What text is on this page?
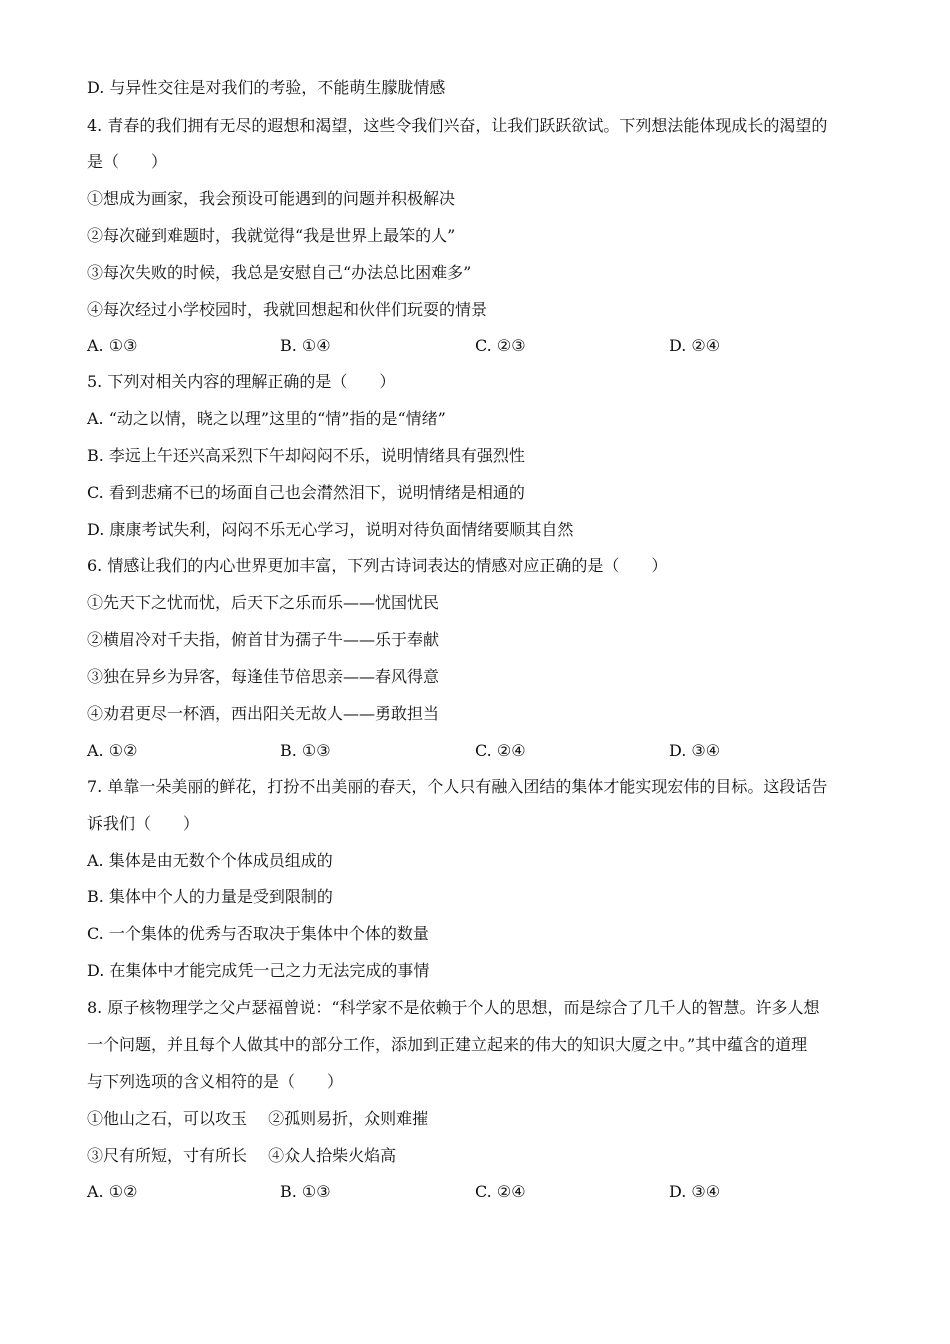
D. 与异性交往是对我们的考验，不能萌生朦胧情感
4. 青春的我们拥有无尽的遐想和渴望，这些令我们兴奋，让我们跃跃欲试。下列想法能体现成长的渴望的
是（　　）
①想成为画家，我会预设可能遇到的问题并积极解决
②每次碰到难题时，我就觉得“我是世界上最笨的人”
③每次失败的时候，我总是安慰自己“办法总比困难多”
④每次经过小学校园时，我就回想起和伙伴们玩耍的情景
A. ①③	B. ①④	C. ②③	D. ②④
5. 下列对相关内容的理解正确的是（　　）
A. “动之以情，晓之以理”这里的“情”指的是“情绪”
B. 李远上午还兴高采烈下午却闷闷不乐，说明情绪具有强烈性
C. 看到悲痛不已的场面自己也会潸然泪下，说明情绪是相通的
D. 康康考试失利，闷闷不乐无心学习，说明对待负面情绪要顺其自然
6. 情感让我们的内心世界更加丰富，下列古诗词表达的情感对应正确的是（　　）
①先天下之忧而忧，后天下之乐而乐——忧国忧民
②横眉冷对千夫指，俯首甘为孺子牛——乐于奉献
③独在异乡为异客，每逢佳节倍思亲——春风得意
④劝君更尽一杯酒，西出阳关无故人——勇敢担当
A. ①②	B. ①③	C. ②④	D. ③④
7. 单靠一朵美丽的鲜花，打扮不出美丽的春天，个人只有融入团结的集体才能实现宏伟的目标。这段话告
诉我们（　　）
A. 集体是由无数个个体成员组成的
B. 集体中个人的力量是受到限制的
C. 一个集体的优秀与否取决于集体中个体的数量
D. 在集体中才能完成凭一己之力无法完成的事情
8. 原子核物理学之父卢瑟福曾说：“科学家不是依赖于个人的思想，而是综合了几千人的智慧。许多人想
一个问题，并且每个人做其中的部分工作，添加到正建立起来的伟大的知识大厦之中。”其中蕴含的道理
与下列选项的含义相符的是（　　）
①他山之石，可以攻玉　 ②孤则易折，众则难摧
③尺有所短，寸有所长　 ④众人拾柴火焰高
A. ①②	B. ①③	C. ②④	D. ③④
